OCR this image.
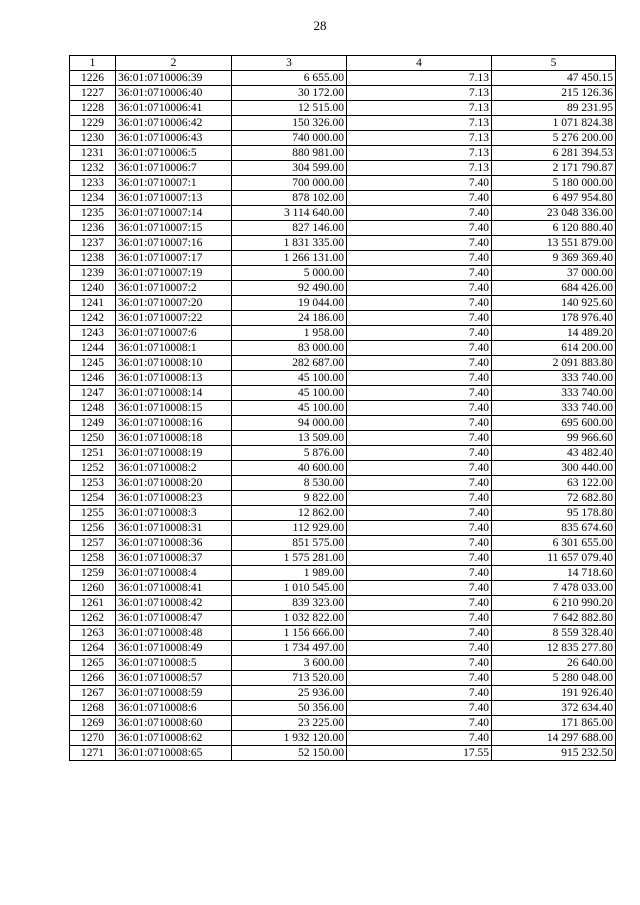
28
1	2	3	4	5
1226	36:01:0710006:39	6 655.00	7.13	47 450.15
1227	36:01:0710006:40	30 172.00	7.13	215 126.36
1228	36:01:0710006:41	12 515.00	7.13	89 231.95
1229	36:01:0710006:42	150 326.00	7.13	1 071 824.38
1230	36:01:0710006:43	740 000.00	7.13	5 276 200.00
1231	36:01:0710006:5	880 981.00	7.13	6 281 394.53
1232	36:01:0710006:7	304 599.00	7.13	2 171 790.87
1233	36:01:0710007:1	700 000.00	7.40	5 180 000.00
1234	36:01:0710007:13	878 102.00	7.40	6 497 954.80
1235	36:01:0710007:14	3 114 640.00	7.40	23 048 336.00
1236	36:01:0710007:15	827 146.00	7.40	6 120 880.40
1237	36:01:0710007:16	1 831 335.00	7.40	13 551 879.00
1238	36:01:0710007:17	1 266 131.00	7.40	9 369 369.40
1239	36:01:0710007:19	5 000.00	7.40	37 000.00
1240	36:01:0710007:2	92 490.00	7.40	684 426.00
1241	36:01:0710007:20	19 044.00	7.40	140 925.60
1242	36:01:0710007:22	24 186.00	7.40	178 976.40
1243	36:01:0710007:6	1 958.00	7.40	14 489.20
1244	36:01:0710008:1	83 000.00	7.40	614 200.00
1245	36:01:0710008:10	282 687.00	7.40	2 091 883.80
1246	36:01:0710008:13	45 100.00	7.40	333 740.00
1247	36:01:0710008:14	45 100.00	7.40	333 740.00
1248	36:01:0710008:15	45 100.00	7.40	333 740.00
1249	36:01:0710008:16	94 000.00	7.40	695 600.00
1250	36:01:0710008:18	13 509.00	7.40	99 966.60
1251	36:01:0710008:19	5 876.00	7.40	43 482.40
1252	36:01:0710008:2	40 600.00	7.40	300 440.00
1253	36:01:0710008:20	8 530.00	7.40	63 122.00
1254	36:01:0710008:23	9 822.00	7.40	72 682.80
1255	36:01:0710008:3	12 862.00	7.40	95 178.80
1256	36:01:0710008:31	112 929.00	7.40	835 674.60
1257	36:01:0710008:36	851 575.00	7.40	6 301 655.00
1258	36:01:0710008:37	1 575 281.00	7.40	11 657 079.40
1259	36:01:0710008:4	1 989.00	7.40	14 718.60
1260	36:01:0710008:41	1 010 545.00	7.40	7 478 033.00
1261	36:01:0710008:42	839 323.00	7.40	6 210 990.20
1262	36:01:0710008:47	1 032 822.00	7.40	7 642 882.80
1263	36:01:0710008:48	1 156 666.00	7.40	8 559 328.40
1264	36:01:0710008:49	1 734 497.00	7.40	12 835 277.80
1265	36:01:0710008:5	3 600.00	7.40	26 640.00
1266	36:01:0710008:57	713 520.00	7.40	5 280 048.00
1267	36:01:0710008:59	25 936.00	7.40	191 926.40
1268	36:01:0710008:6	50 356.00	7.40	372 634.40
1269	36:01:0710008:60	23 225.00	7.40	171 865.00
1270	36:01:0710008:62	1 932 120.00	7.40	14 297 688.00
1271	36:01:0710008:65	52 150.00	17.55	915 232.50
